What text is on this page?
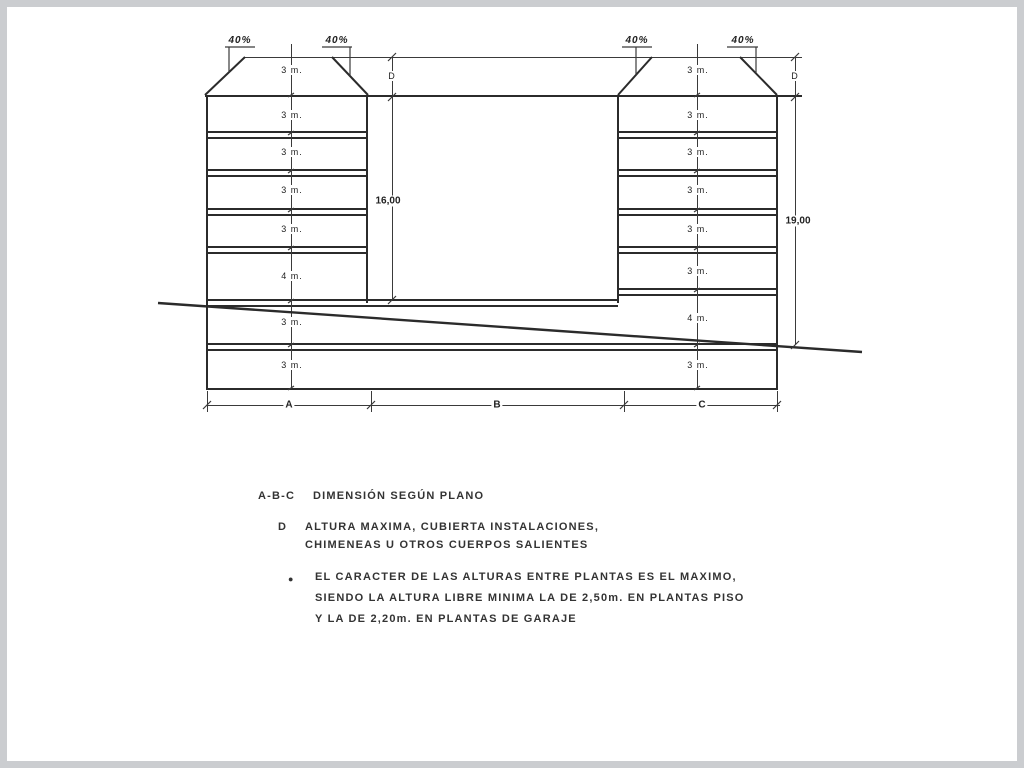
40%	40%	40%	40%
3 m.
3 m.
3 m.
3 m.
3 m.
4 m.
3 m.
3 m.
3 m.
3 m.
3 m.
3 m.
3 m.
3 m.
4 m.
3 m.
D	D
16,00
19,00
A	B	C
A-B-C DIMENSIÓN SEGÚN PLANO
D ALTURA MAXIMA, CUBIERTA INSTALACIONES,
CHIMENEAS U OTROS CUERPOS SALIENTES
● EL CARACTER DE LAS ALTURAS ENTRE PLANTAS ES EL MAXIMO,
SIENDO LA ALTURA LIBRE MINIMA LA DE 2,50m. EN PLANTAS PISO
Y LA DE 2,20m. EN PLANTAS DE GARAJE
